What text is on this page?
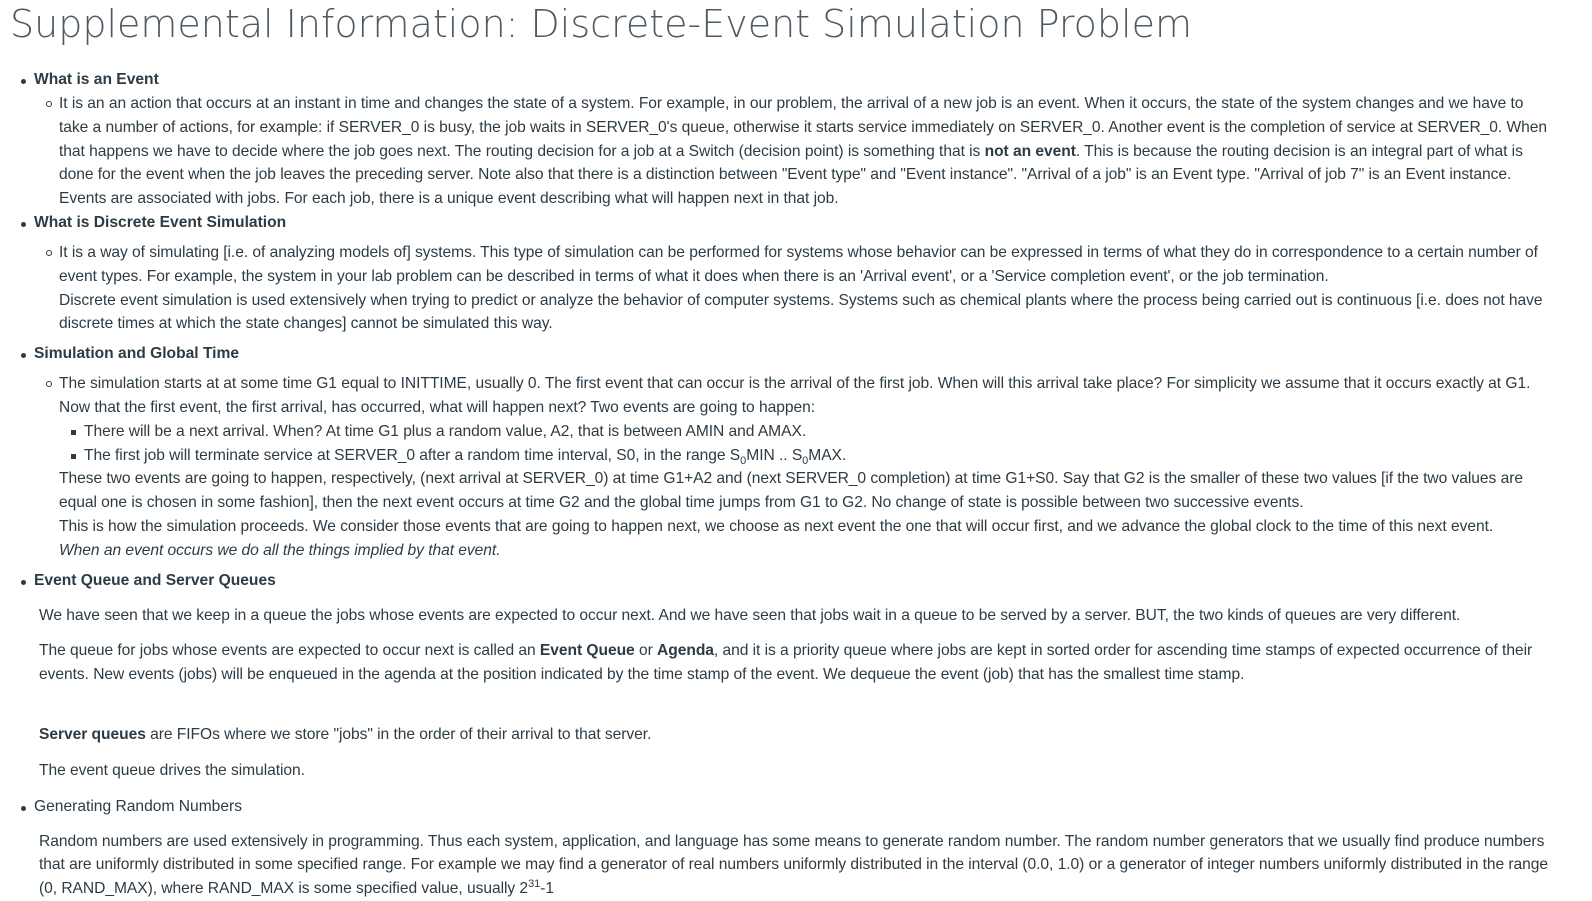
Supplemental Information: Discrete-Event Simulation Problem
What is an Event
It is an an action that occurs at an instant in time and changes the state of a system. For example, in our problem, the arrival of a new job is an event. When it occurs, the state of the system changes and we have to take a number of actions, for example: if SERVER_0 is busy, the job waits in SERVER_0's queue, otherwise it starts service immediately on SERVER_0. Another event is the completion of service at SERVER_0. When that happens we have to decide where the job goes next. The routing decision for a job at a Switch (decision point) is something that is not an event. This is because the routing decision is an integral part of what is done for the event when the job leaves the preceding server. Note also that there is a distinction between "Event type" and "Event instance". "Arrival of a job" is an Event type. "Arrival of job 7" is an Event instance. Events are associated with jobs. For each job, there is a unique event describing what will happen next in that job.
What is Discrete Event Simulation

It is a way of simulating [i.e. of analyzing models of] systems. This type of simulation can be performed for systems whose behavior can be expressed in terms of what they do in correspondence to a certain number of event types. For example, the system in your lab problem can be described in terms of what it does when there is an 'Arrival event', or a 'Service completion event', or the job termination.

Discrete event simulation is used extensively when trying to predict or analyze the behavior of computer systems. Systems such as chemical plants where the process being carried out is continuous [i.e. does not have discrete times at which the state changes] cannot be simulated this way.

Simulation and Global Time

The simulation starts at at some time G1 equal to INITTIME, usually 0. The first event that can occur is the arrival of the first job. When will this arrival take place? For simplicity we assume that it occurs exactly at G1. Now that the first event, the first arrival, has occurred, what will happen next? Two events are going to happen:

There will be a next arrival. When? At time G1 plus a random value, A2, that is between AMIN and AMAX.
The first job will terminate service at SERVER_0 after a random time interval, S0, in the range $S_0MIN$ .. $S_0MAX$.

These two events are going to happen, respectively, (next arrival at SERVER_0) at time G1+A2 and (next SERVER_0 completion) at time G1+S0. Say that G2 is the smaller of these two values [if the two values are equal one is chosen in some fashion], then the next event occurs at time G2 and the global time jumps from G1 to G2. No change of state is possible between two successive events.

This is how the simulation proceeds. We consider those events that are going to happen next, we choose as next event the one that will occur first, and we advance the global clock to the time of this next event.

When an event occurs we do all the things implied by that event.

Event Queue and Server Queues

We have seen that we keep in a queue the jobs whose events are expected to occur next. And we have seen that jobs wait in a queue to be served by a server. BUT, the two kinds of queues are very different.

The queue for jobs whose events are expected to occur next is called an Event Queue or Agenda, and it is a priority queue where jobs are kept in sorted order for ascending time stamps of expected occurrence of their events. New events (jobs) will be enqueued in the agenda at the position indicated by the time stamp of the event. We dequeue the event (job) that has the smallest time stamp.

Server queues are FIFOs where we store "jobs" in the order of their arrival to that server.

The event queue drives the simulation.

Generating Random Numbers

Random numbers are used extensively in programming. Thus each system, application, and language has some means to generate random number. The random number generators that we usually find produce numbers that are uniformly distributed in some specified range. For example we may find a generator of real numbers uniformly distributed in the interval (0.0, 1.0) or a generator of integer numbers uniformly distributed in the range (0, RAND_MAX), where RAND_MAX is some specified value, usually $2^{31}-1$
